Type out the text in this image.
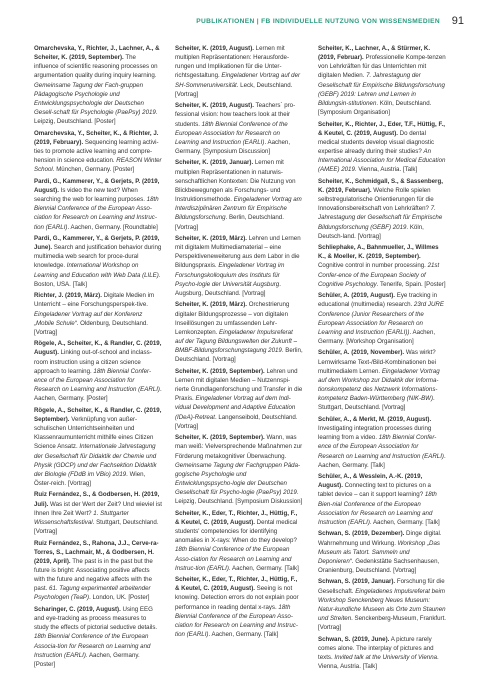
PUBLIKATIONEN | FB INDIVIDUELLE NUTZUNG VON WISSENSMEDIEN 91

Omarchevska, Y., Richter, J., Lachner, A., & Scheiter, K. (2019, September). The influence of scientific reasoning processes on argumentation quality during inquiry learning. Gemeinsame Tagung der Fach-gruppen Pädagogische Psychologie und Entwicklungspsychologie der Deutschen Gesell-schaft für Psychologie (PaePsy) 2019. Leipzig, Deutschland. [Poster]

Omarchevska, Y., Scheiter, K., & Richter, J. (2019, February). Sequencing learning activi-ties to promote active learning and compre-hension in science education. REASON Winter School. München, Germany. [Poster]

Pardi, G., Kammerer, Y., & Gerjets, P. (2019, August). Is video the new text? When searching the web for learning purposes. 18th Biennial Conference of the European Asso-ciation for Research on Learning and Instruc-tion (EARLI). Aachen, Germany. [Roundtable]

Pardi, G., Kammerer, Y., & Gerjets, P. (2019, June). Search and justification behavior during multimedia web search for procе-dural knowledge. International Workshop on Learning and Education with Web Data (LILE). Boston, USA. [Talk]

Richter, J. (2019, März). Digitale Medien im Unterricht – eine Forschungsperspek-tive. Eingeladener Vortrag auf der Konferenz „Mobile Schule“. Oldenburg, Deutschland. [Vortrag]

Rögele, A., Scheiter, K., & Randler, C. (2019, August). Linking out-of-school and inclass-room instruction using a citizen science approach to learning. 18th Biennial Confer-ence of the European Association for Research on Learning and Instruction (EARLI). Aachen, Germany. [Poster]

Rögele, A., Scheiter, K., & Randler, C. (2019, September). Verknüpfung von außer-schulischen Unterrichtseinheiten und Klassenraumunterricht mithilfe eines Citizen Science Ansatz. Internationale Jahrestagung der Gesellschaft für Didaktik der Chemie und Physik (GDCP) und der Fachsektion Didaktik der Biologie (FDdB im VBio) 2019. Wien, Öster-reich. [Vortrag]

Ruiz Fernández, S., & Godbersen, H. (2019, Juli). Was ist der Wert der Zeit? Und wieviel ist Ihnen Ihre Zeit Wert? 1. Stuttgarter Wissenschaftsfestival. Stuttgart, Deutschland. [Vortrag]

Ruiz Fernández, S., Rahona, J.J., Cerve-ra-Torres, S., Lachmair, M., & Godbersen, H. (2019, April). The past is in the past but the future is bright: Associating positive affects with the future and negative affects with the past. 61. Tagung experimentell arbeitender Psychologen (TeaP). London, UK. [Poster]

Scharinger, C. (2019, August). Using EEG and eye-tracking as process measures to study the effects of pictorial seductive details. 18th Biennial Conference of the European Associa-tion for Research on Learning and Instruction (EARLI). Aachen, Germany. [Poster]

Scheiter, K. (2019, August). Lernen mit multiplen Repräsentationen: Herausforde-rungen und Implikationen für die Unter-richtsgestaltung. Eingeladener Vortrag auf der SH-Sommeruniversität. Leck, Deutschland. [Vortrag]

Scheiter, K. (2019, August). Teachers´ pro-fessional vision: how teachers look at their students. 18th Biennial Conference of the European Association for Research on Learning and Instruction (EARLI). Aachen, Germany. [Symposium Discussion]

Scheiter, K. (2019, Januar). Lernen mit multiplen Repräsentationen in naturwis-senschaftlichen Kontexten: Die Nutzung von Blickbewegungen als Forschungs- und Instruktionsmethode. Eingeladener Vortrag am Interdisziplinären Zentrum für Empirische Bildungsforschung. Berlin, Deutschland. [Vortrag]

Scheiter, K. (2019, März). Lehren und Lernen mit digitalem Multimediamaterial – eine Perspektiveneweiterung aus dem Labor in die Bildungspraxis. Eingeladener Vortrag im Forschungskolloquium des Instituts für Psycho-logie der Universität Augsburg. Augsburg, Deutschland. [Vortrag]

Scheiter, K. (2019, März). Orchestrierung digitaler Bildungsprozesse – von digitalen Inseillösungen zu umfassenden Lehr-Lernkonzepten. Eingeladener Impulsreferat auf der Tagung Bildungswelten der Zukunft – BMBF-Bildungsforschungstagung 2019. Berlin, Deutschland. [Vortrag]

Scheiter, K. (2019, September). Lehren und Lernen mit digitalen Medien – Nutzennspi-rierte Grundlagenforschung und Transfer in die Praxis. Eingeladener Vortrag auf dem Indi-vidual Development and Adaptive Education (IDeA)-Retreat. Langenseibold, Deutschland. [Vortrag]

Scheiter, K. (2019, September). Wann, was man weiß: Vielversprechende Maßnahmen zur Förderung metakognitiver Überwachung. Gemeinsame Tagung der Fachgruppen Päda-gogische Psychologie und Entwicklungspsycho-logie der Deutschen Gesellschaft für Psycho-logie (PaePsy) 2019. Leipzig, Deutschland. [Symposium Diskussion]

Scheiter, K., Eder, T., Richter, J., Hüttig, F., & Keutel, C. (2019, August). Dental medical students' competencies for identifying anomalies in X-rays: When do they develop? 18th Biennial Conference of the European Asso-ciation for Research on Learning and Instruc-tion (EARLI). Aachen, Germany. [Talk]

Scheiter, K., Eder, T., Richter, J., Hüttig, F., & Keutel, C. (2019, August). Seeing is not knowing. Detection errors do not explain poor performance in reading dental x-rays. 18th Biennial Conference of the European Asso-ciation for Research on Learning and Instruc-tion (EARLI). Aachen, Germany. [Talk]

Scheiter, K., Lachner, A., & Stürmer, K. (2019, Februar). Professionelle Kompe-tenzen von Lehrkräften für das Unterrichten mit digitalen Medien. 7. Jahrestagung der Gesellschaft für Empirische Bildungsforschung (GEBF) 2019: Lehren und Lernen in Bildungsin-stitutionen. Köln, Deutschland. [Symposium Organisation]

Scheiter, K., Richter, J., Eder, T.F., Hüttig, F., & Keutel, C. (2019, August). Do dental medical students develop visual diagnostic expertise already during their studies? An International Association for Medical Education (AMEE) 2019. Vienna, Austria. [Talk]

Scheiter, K., Schmidgall, S., & Sassenberg, K. (2019, Februar). Welche Rolle spielen selbstregulatorische Orientierungen für die Innovationsbereitschaft von Lehrkräften? 7. Jahrestagung der Gesellschaft für Empirische Bildungsforschung (GEBF) 2019. Köln, Deutsch-land. [Vortrag]

Schliephake, A., Bahnmueller, J., Willmes K., & Moeller, K. (2019, September). Cognitive control in number processing. 21st Confer-ence of the European Society of Cognitive Psychology. Tenerife, Spain. [Poster]

Schüler, A. (2019, August). Eye tracking in educational (multimedia) research. 23rd JURE Conference (Junior Researchers of the European Association for Research on Learning and Instruction (EARLI)). Aachen, Germany. [Workshop Organisation]

Schüler, A. (2019, November). Was wirkt? Lernwirksame Text-/Bild-Kombinationen bei multimedialem Lernen. Eingeladener Vortrag auf dem Workshop zur Didaktik der Informa-tionskompetenz des Netzwerk Informations-kompetenz Baden-Württemberg (NIK-BW). Stuttgart, Deutschland. [Vortrag]

Schüler, A., & Merkt, M. (2019, August). Investigating integration processes during learning from a video. 18th Biennial Confer-ence of the European Association for Research on Learning and Instruction (EARLI). Aachen, Germany. [Talk]

Schüler, A., & Wesslein, A.-K. (2019, August). Connecting text to pictures on a tablet device – can it support learning? 18th Bien-nial Conference of the European Association for Research on Learning and Instruction (EARLI). Aachen, Germany. [Talk]

Schwan, S. (2019, Dezember). Dinge digital. Wahrnehmung und Wirkung. Workshop „Das Museum als Tatort. Sammeln und Deponieren“. Gedenkstätte Sachsenhausen, Oranienburg, Deutschland. [Vortrag]

Schwan, S. (2019, Januar). Forschung für die Gesellschaft. Eingeladenes Impulsreferat beim Workshop Senckenberg Neues Museum: Natur-kundliche Museen als Orte zum Staunen und Streiten. Senckenberg-Museum, Frankfurt. [Vortrag]

Schwan, S. (2019, June). A picture rarely comes alone. The interplay of pictures and texts. Invited talk at the University of Vienna. Vienna, Austria. [Talk]
